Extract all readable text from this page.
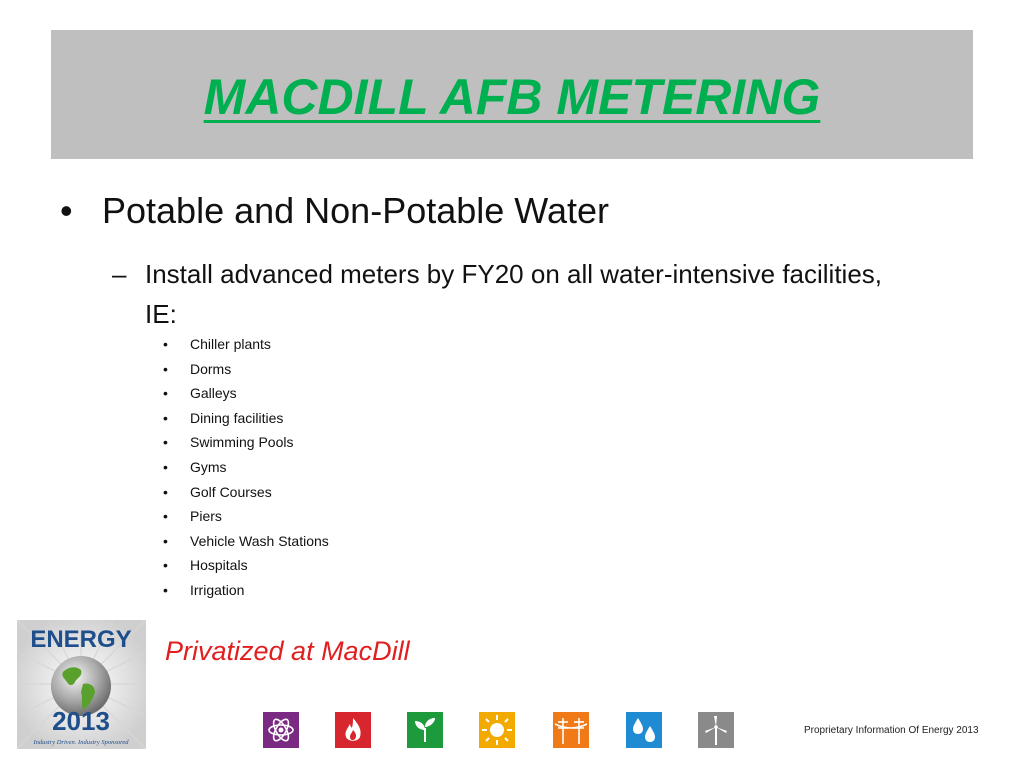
MACDILL AFB METERING
• Potable and Non-Potable Water
– Install advanced meters by FY20 on all water-intensive facilities, IE:
• Chiller plants
• Dorms
• Galleys
• Dining facilities
• Swimming Pools
• Gyms
• Golf Courses
• Piers
• Vehicle Wash Stations
• Hospitals
• Irrigation
ENERGY
2013
Industry Driven. Industry Sponsored
Privatized at MacDill
Proprietary Information Of Energy 2013
